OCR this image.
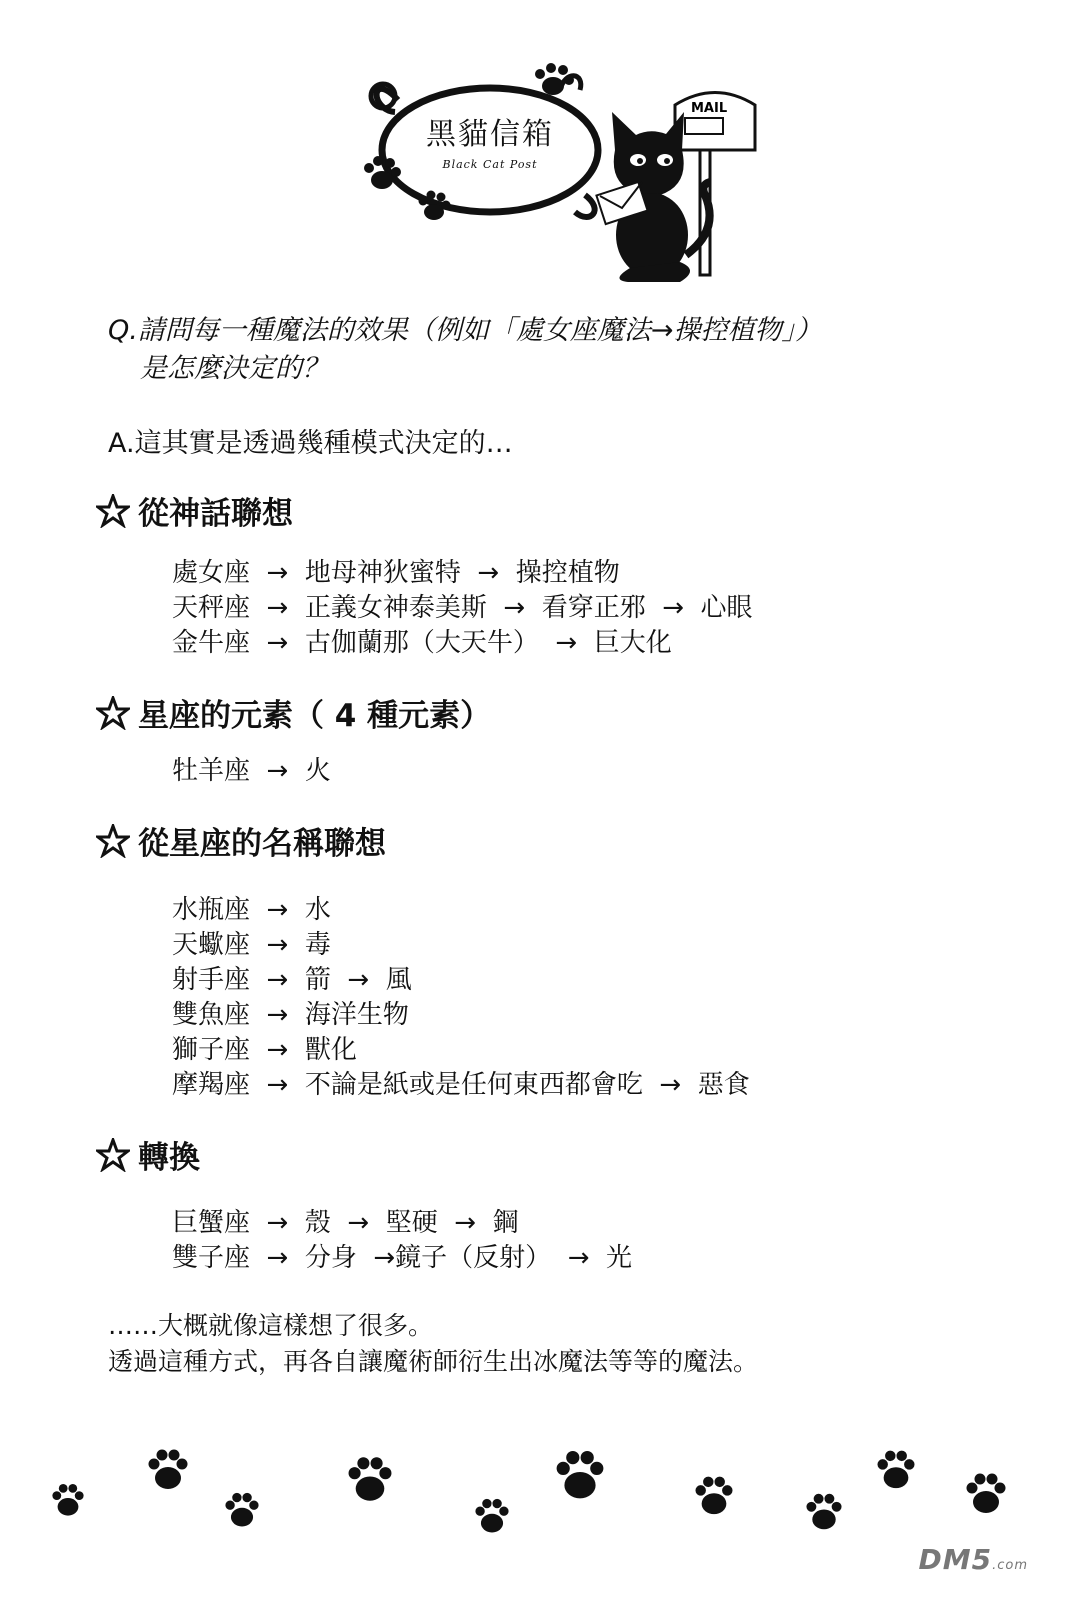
MAIL
黑貓信箱
Black Cat Post
Q.請問每一種魔法的效果（例如「處女座魔法→操控植物」）
是怎麼決定的？
A.這其實是透過幾種模式決定的…
從神話聯想
處女座  →  地母神狄蜜特  →  操控植物
天秤座  →  正義女神泰美斯  →  看穿正邪  →  心眼
金牛座  →  古伽蘭那（大天牛）  →  巨大化
星座的元素（ 4 種元素）
牡羊座  →  火
從星座的名稱聯想
水瓶座  →  水
天蠍座  →  毒
射手座  →  箭  →  風
雙魚座  →  海洋生物
獅子座  →  獸化
摩羯座  →  不論是紙或是任何東西都會吃  →  惡食
轉換
巨蟹座  →  殼  →  堅硬  →  鋼
雙子座  →  分身  →鏡子（反射）  →  光
……大概就像這樣想了很多。
透過這種方式，再各自讓魔術師衍生出冰魔法等等的魔法。
DM5.com
